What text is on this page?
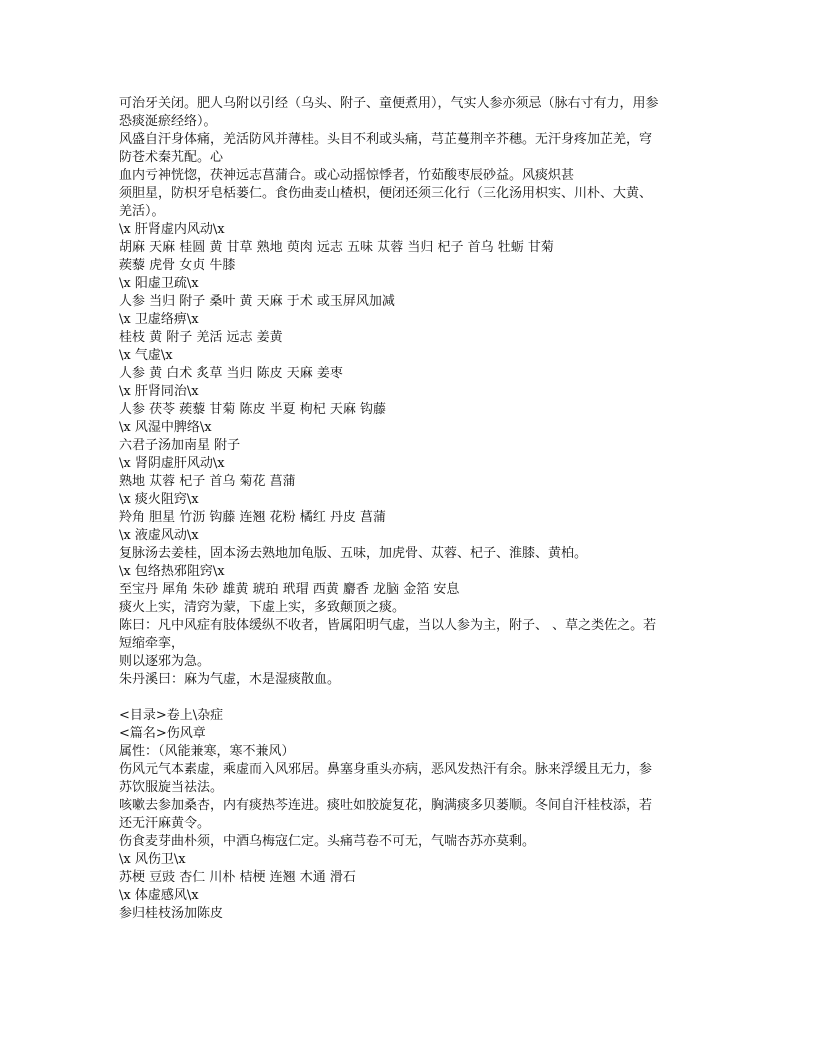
可治牙关闭。肥人乌附以引经（乌头、附子、童便煮用），气实人参亦须忌（脉右寸有力，用参
恐痰涎瘀经络）。
风盛自汗身体痛，羌活防风并薄桂。头目不利或头痛，芎芷蔓荆辛芥穗。无汗身疼加芷羌，穹
防苍术秦艽配。心
血内亏神恍惚，茯神远志菖蒲合。或心动摇惊悸者，竹茹酸枣辰砂益。风痰炽甚
须胆星，防枳牙皂栝蒌仁。食伤曲麦山楂枳，便闭还须三化行（三化汤用枳实、川朴、大黄、
羌活）。
\x 肝肾虚内风动\x
胡麻 天麻 桂圆 黄 甘草 熟地 萸肉 远志 五味 苁蓉 当归 杞子 首乌 牡蛎 甘菊
蒺藜 虎骨 女贞 牛膝
\x 阳虚卫疏\x
人参 当归 附子 桑叶 黄 天麻 于术 或玉屏风加减
\x 卫虚络痹\x
桂枝 黄 附子 羌活 远志 姜黄
\x 气虚\x
人参 黄 白术 炙草 当归 陈皮 天麻 姜枣
\x 肝肾同治\x
人参 茯苓 蒺藜 甘菊 陈皮 半夏 枸杞 天麻 钩藤
\x 风湿中脾络\x
六君子汤加南星 附子
\x 肾阴虚肝风动\x
熟地 苁蓉 杞子 首乌 菊花 菖蒲
\x 痰火阻窍\x
羚角 胆星 竹沥 钩藤 连翘 花粉 橘红 丹皮 菖蒲
\x 液虚风动\x
复脉汤去姜桂，固本汤去熟地加龟版、五味，加虎骨、苁蓉、杞子、淮膝、黄柏。
\x 包络热邪阻窍\x
至宝丹 犀角 朱砂 雄黄 琥珀 玳瑁 西黄 麝香 龙脑 金箔 安息
痰火上实，清窍为蒙，下虚上实，多致颠顶之痰。
陈曰：凡中风症有肢体缓纵不收者，皆属阳明气虚，当以人参为主，附子、 、草之类佐之。若
短缩牵挛，
则以逐邪为急。
朱丹溪曰：麻为气虚，木是湿痰散血。
<目录>卷上\杂症
<篇名>伤风章
属性：（风能兼寒，寒不兼风）
伤风元气本素虚，乘虚而入风邪居。鼻塞身重头亦病，恶风发热汗有余。脉来浮缓且无力，参
苏饮服旋当祛法。
咳嗽去参加桑杏，内有痰热芩连进。痰吐如胶旋复花，胸满痰多贝蒌顺。冬间自汗桂枝添，若
还无汗麻黄令。
伤食麦芽曲朴须，中酒乌梅寇仁定。头痛芎卷不可无，气喘杏苏亦莫剩。
\x 风伤卫\x
苏梗 豆豉 杏仁 川朴 桔梗 连翘 木通 滑石
\x 体虚感风\x
参归桂枝汤加陈皮
